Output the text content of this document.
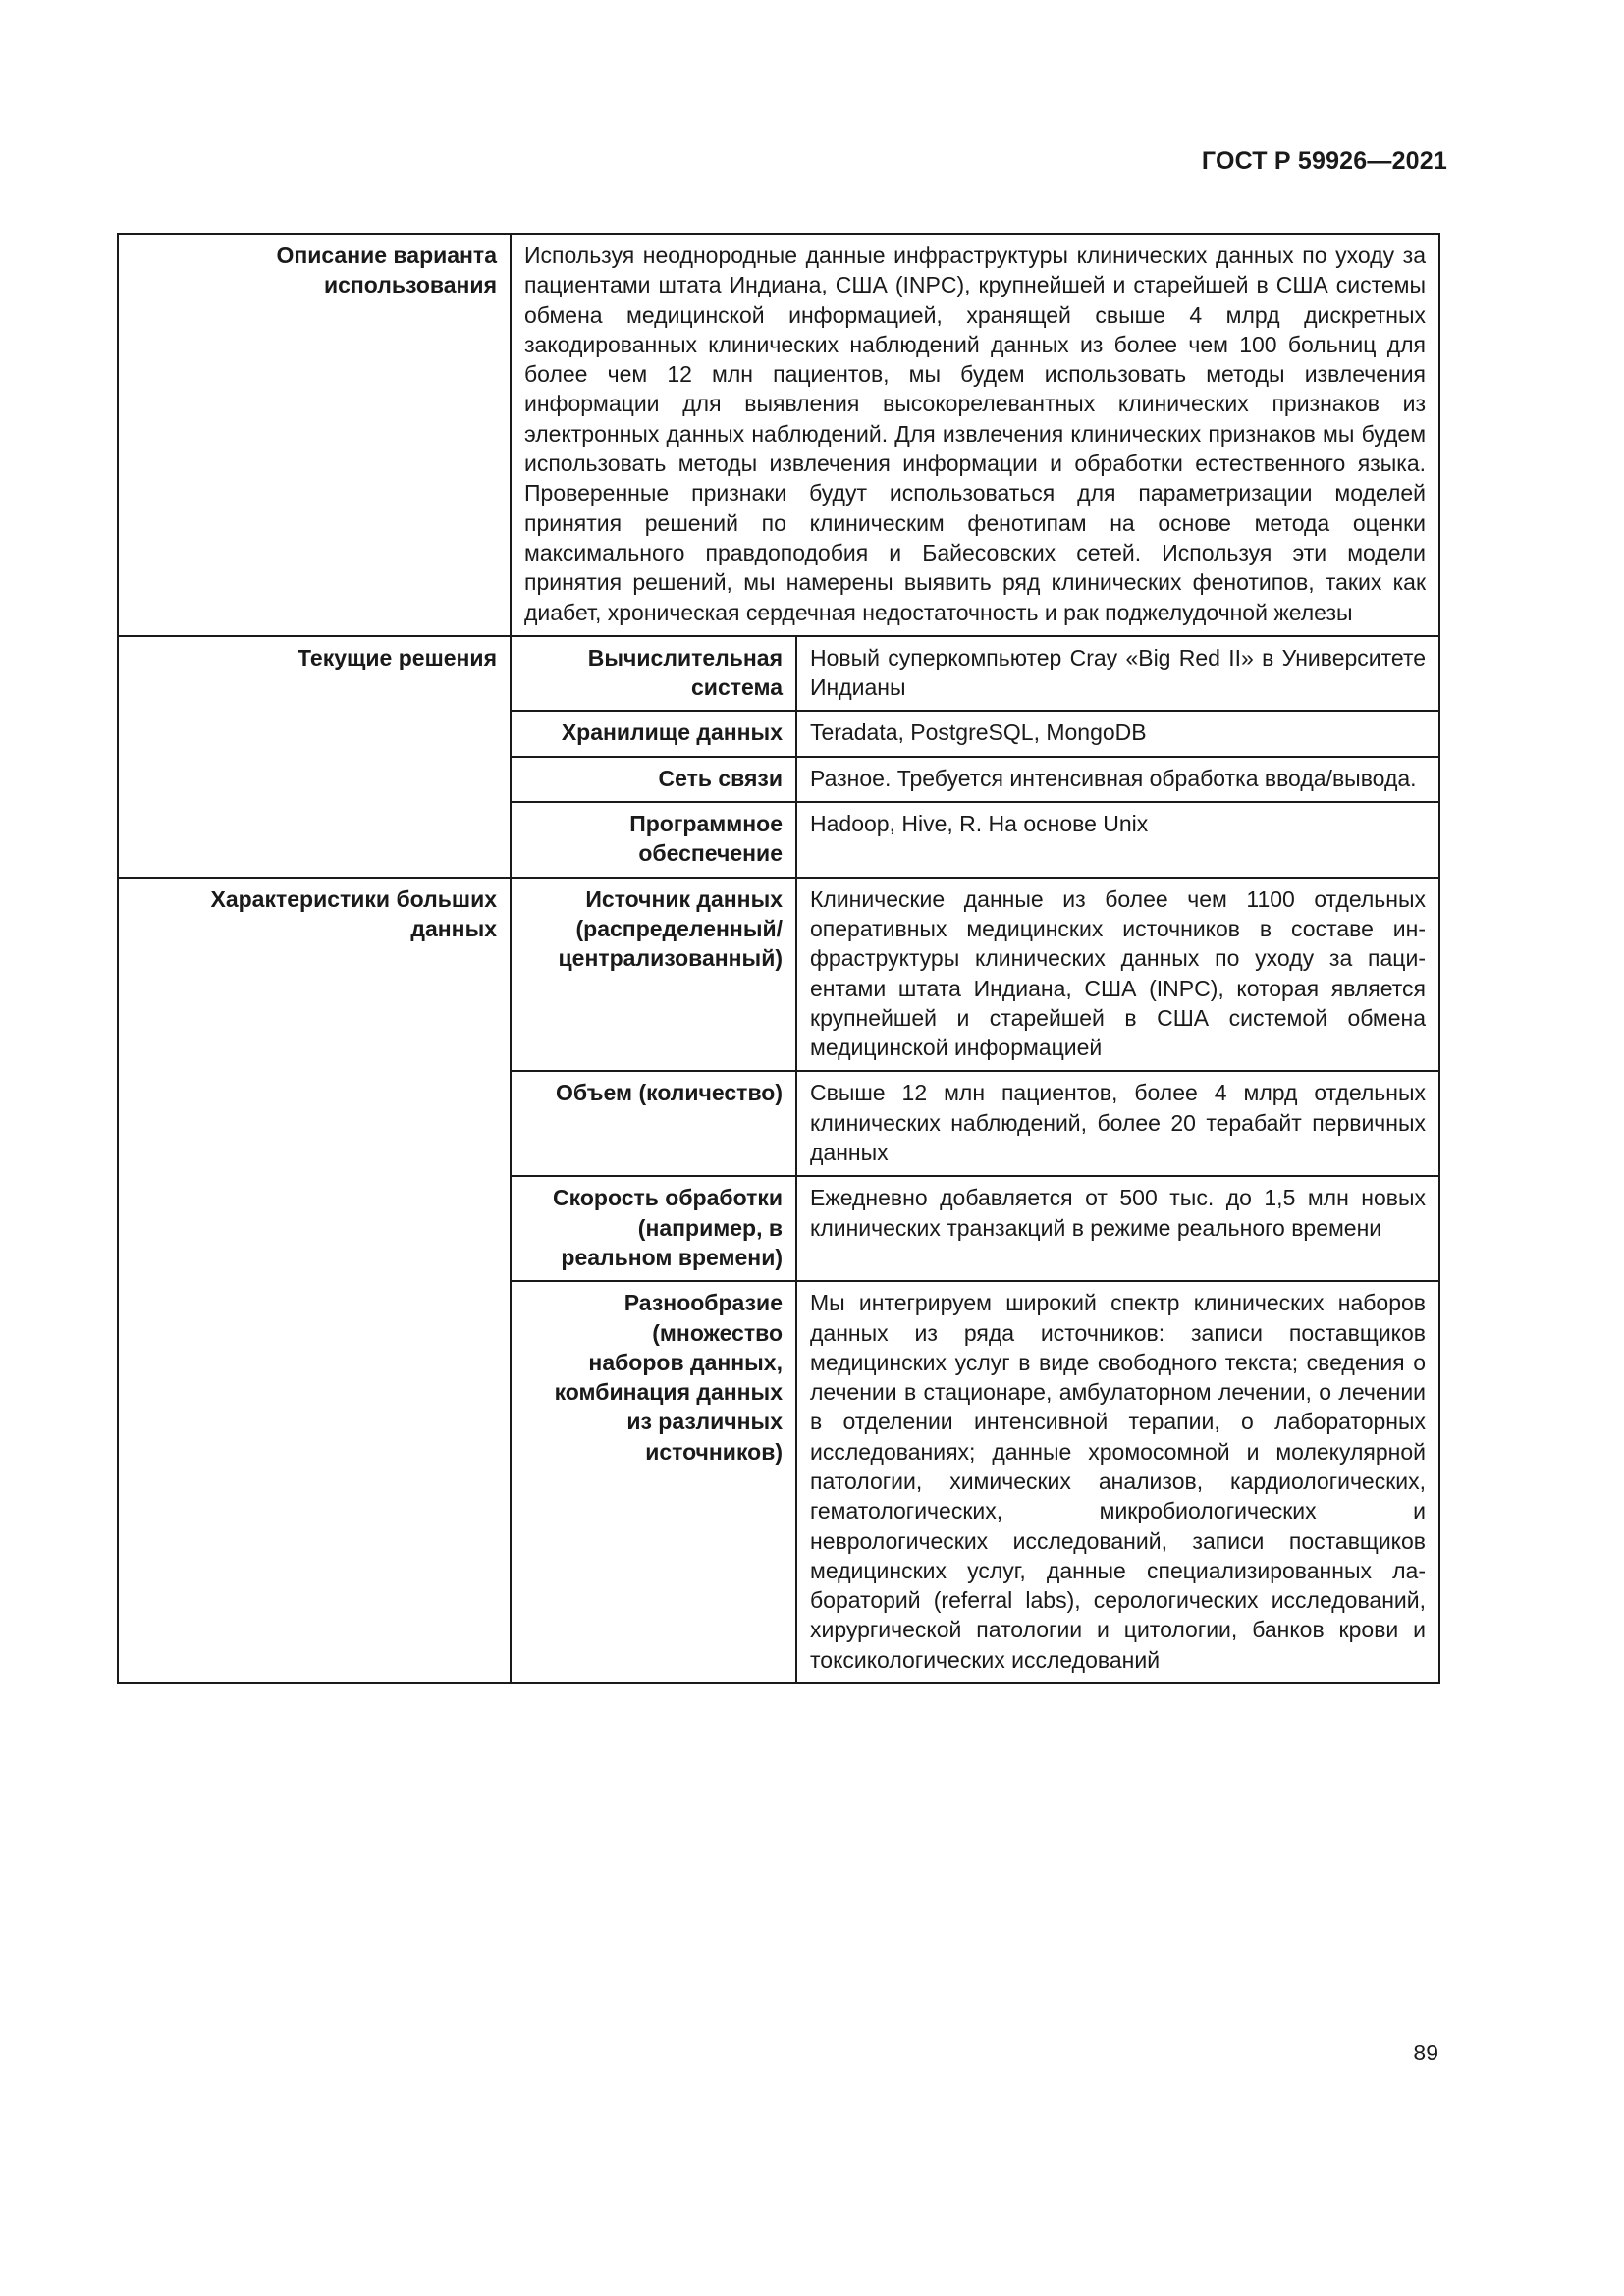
ГОСТ Р 59926—2021
Описание варианта использования	Используя неоднородные данные инфраструктуры клинических данных по уходу за пациентами штата Индиана, США (INPC), крупнейшей и старейшей в США системы обмена медицинской информацией, хранящей свыше 4 млрд дискретных закодированных клинических наблюдений данных из более чем 100 больниц для более чем 12 млн пациентов, мы будем использовать методы извлечения информации для выявления высокорелевантных клинических признаков из электронных данных наблюдений. Для извлечения клинических признаков мы будем использовать методы извлечения информации и обработки естественного языка. Проверенные признаки будут использоваться для параметризации моделей принятия решений по клиническим фенотипам на основе метода оценки максимального правдоподобия и Байесовских сетей. Используя эти модели принятия решений, мы намерены выявить ряд клинических фенотипов, таких как диабет, хроническая сердечная недостаточность и рак поджелудочной железы	
Текущие решения	Вычислительная система	Новый суперкомпьютер Cray «Big Red II» в Университете Индианы
	Хранилище данных	Teradata, PostgreSQL, MongoDB
	Сеть связи	Разное. Требуется интенсивная обработка ввода/вывода.
	Программное обеспечение	Hadoop, Hive, R. На основе Unix
Характеристики больших данных	Источник данных (распределенный/ централизованный)	Клинические данные из более чем 1100 отдельных оперативных медицинских источников в составе инфраструктуры клинических данных по уходу за пациентами штата Индиана, США (INPC), которая является крупнейшей и старейшей в США системой обмена медицинской информацией
	Объем (количество)	Свыше 12 млн пациентов, более 4 млрд отдельных клинических наблюдений, более 20 терабайт первичных данных
	Скорость обработки (например, в реальном времени)	Ежедневно добавляется от 500 тыс. до 1,5 млн новых клинических транзакций в режиме реального времени
	Разнообразие (множество наборов данных, комбинация данных из различных источников)	Мы интегрируем широкий спектр клинических наборов данных из ряда источников: записи поставщиков медицинских услуг в виде свободного текста; сведения о лечении в стационаре, амбулаторном лечении, о лечении в отделении интенсивной терапии, о лабораторных исследованиях; данные хромосомной и молекулярной патологии, химических анализов, кардиологических, гематологических, микробиологических и неврологических исследований, записи поставщиков медицинских услуг, данные специализированных лабораторий (referral labs), серологических исследований, хирургической патологии и цитологии, банков крови и токсикологических исследований
89
